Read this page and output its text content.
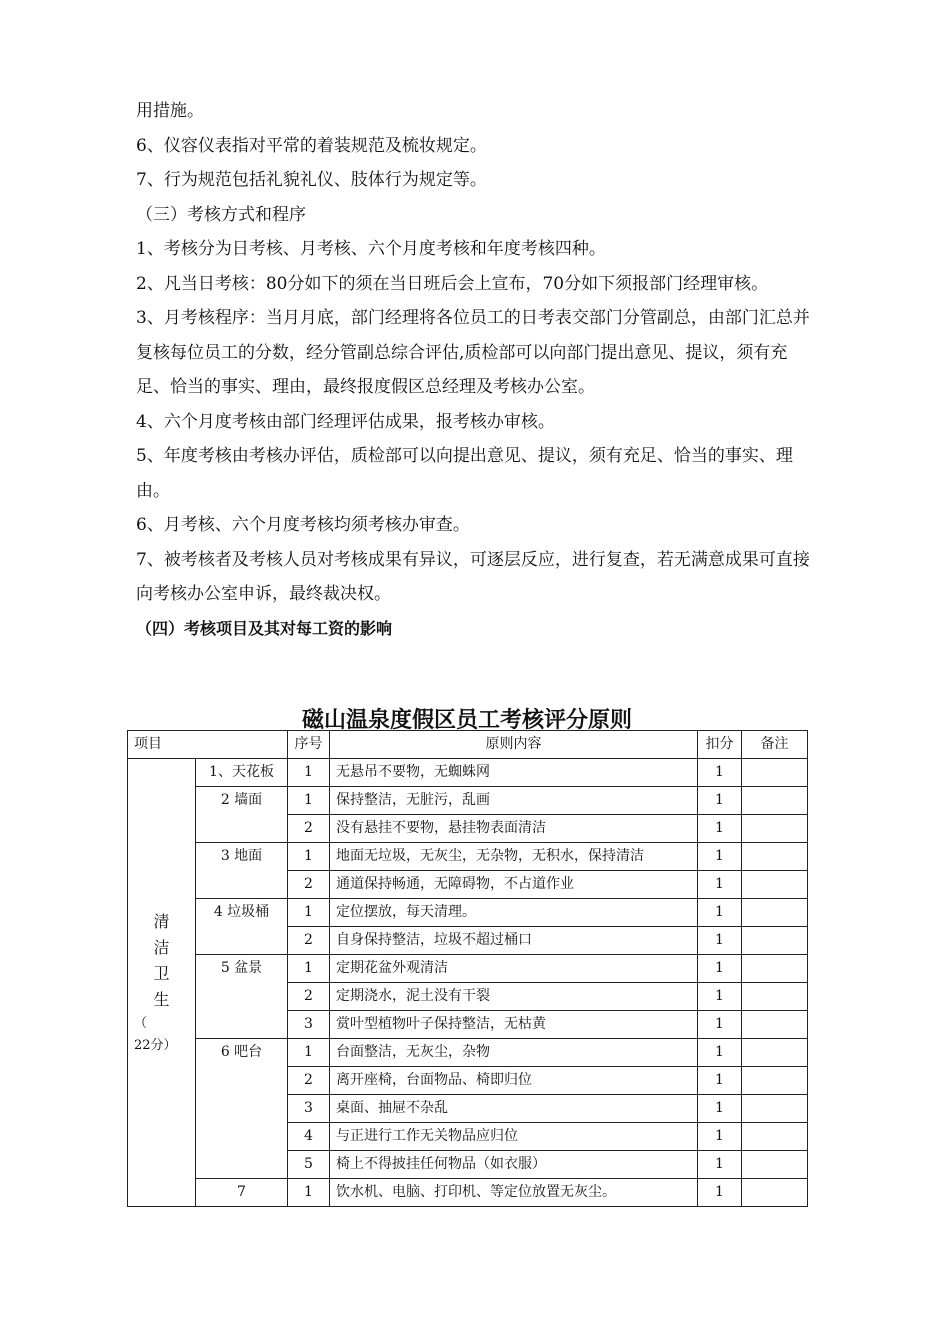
用措施。

6、仪容仪表指对平常的着装规范及梳妆规定。

7、行为规范包括礼貌礼仪、肢体行为规定等。

（三）考核方式和程序

1、考核分为日考核、月考核、六个月度考核和年度考核四种。

2、凡当日考核：80分如下的须在当日班后会上宣布，70分如下须报部门经理审核。

3、月考核程序：当月月底，部门经理将各位员工的日考表交部门分管副总，由部门汇总并复核每位员工的分数，经分管副总综合评估,质检部可以向部门提出意见、提议，须有充足、恰当的事实、理由，最终报度假区总经理及考核办公室。

4、六个月度考核由部门经理评估成果，报考核办审核。

5、年度考核由考核办评估，质检部可以向提出意见、提议，须有充足、恰当的事实、理由。

6、月考核、六个月度考核均须考核办审查。

7、被考核者及考核人员对考核成果有异议，可逐层反应，进行复查，若无满意成果可直接向考核办公室申诉，最终裁决权。

（四）考核项目及其对每工资的影响

磁山温泉度假区员工考核评分原则
项目		序号	原则内容	扣分	备注

清
洁
卫
生
（　　22分）	1、天花板	1	无悬吊不要物，无蜘蛛网	1	
	2 墙面	1	保持整洁，无脏污，乱画	1	
		2	没有悬挂不要物，悬挂物表面清洁	1	
	3 地面	1	地面无垃圾，无灰尘，无杂物，无积水，保持清洁	1	
		2	通道保持畅通，无障碍物，不占道作业	1	
	4 垃圾桶	1	定位摆放，每天清理。	1	
		2	自身保持整洁，垃圾不超过桶口	1	
	5 盆景	1	定期花盆外观清洁	1	
		2	定期浇水，泥土没有干裂	1	
		3	赏叶型植物叶子保持整洁，无枯黄	1	
	6 吧台	1	台面整洁，无灰尘，杂物	1	
		2	离开座椅，台面物品、椅即归位	1	
		3	桌面、抽屉不杂乱	1	
		4	与正进行工作无关物品应归位	1	
		5	椅上不得披挂任何物品（如衣服）	1	
	7	1	饮水机、电脑、打印机、等定位放置无灰尘。	1	
